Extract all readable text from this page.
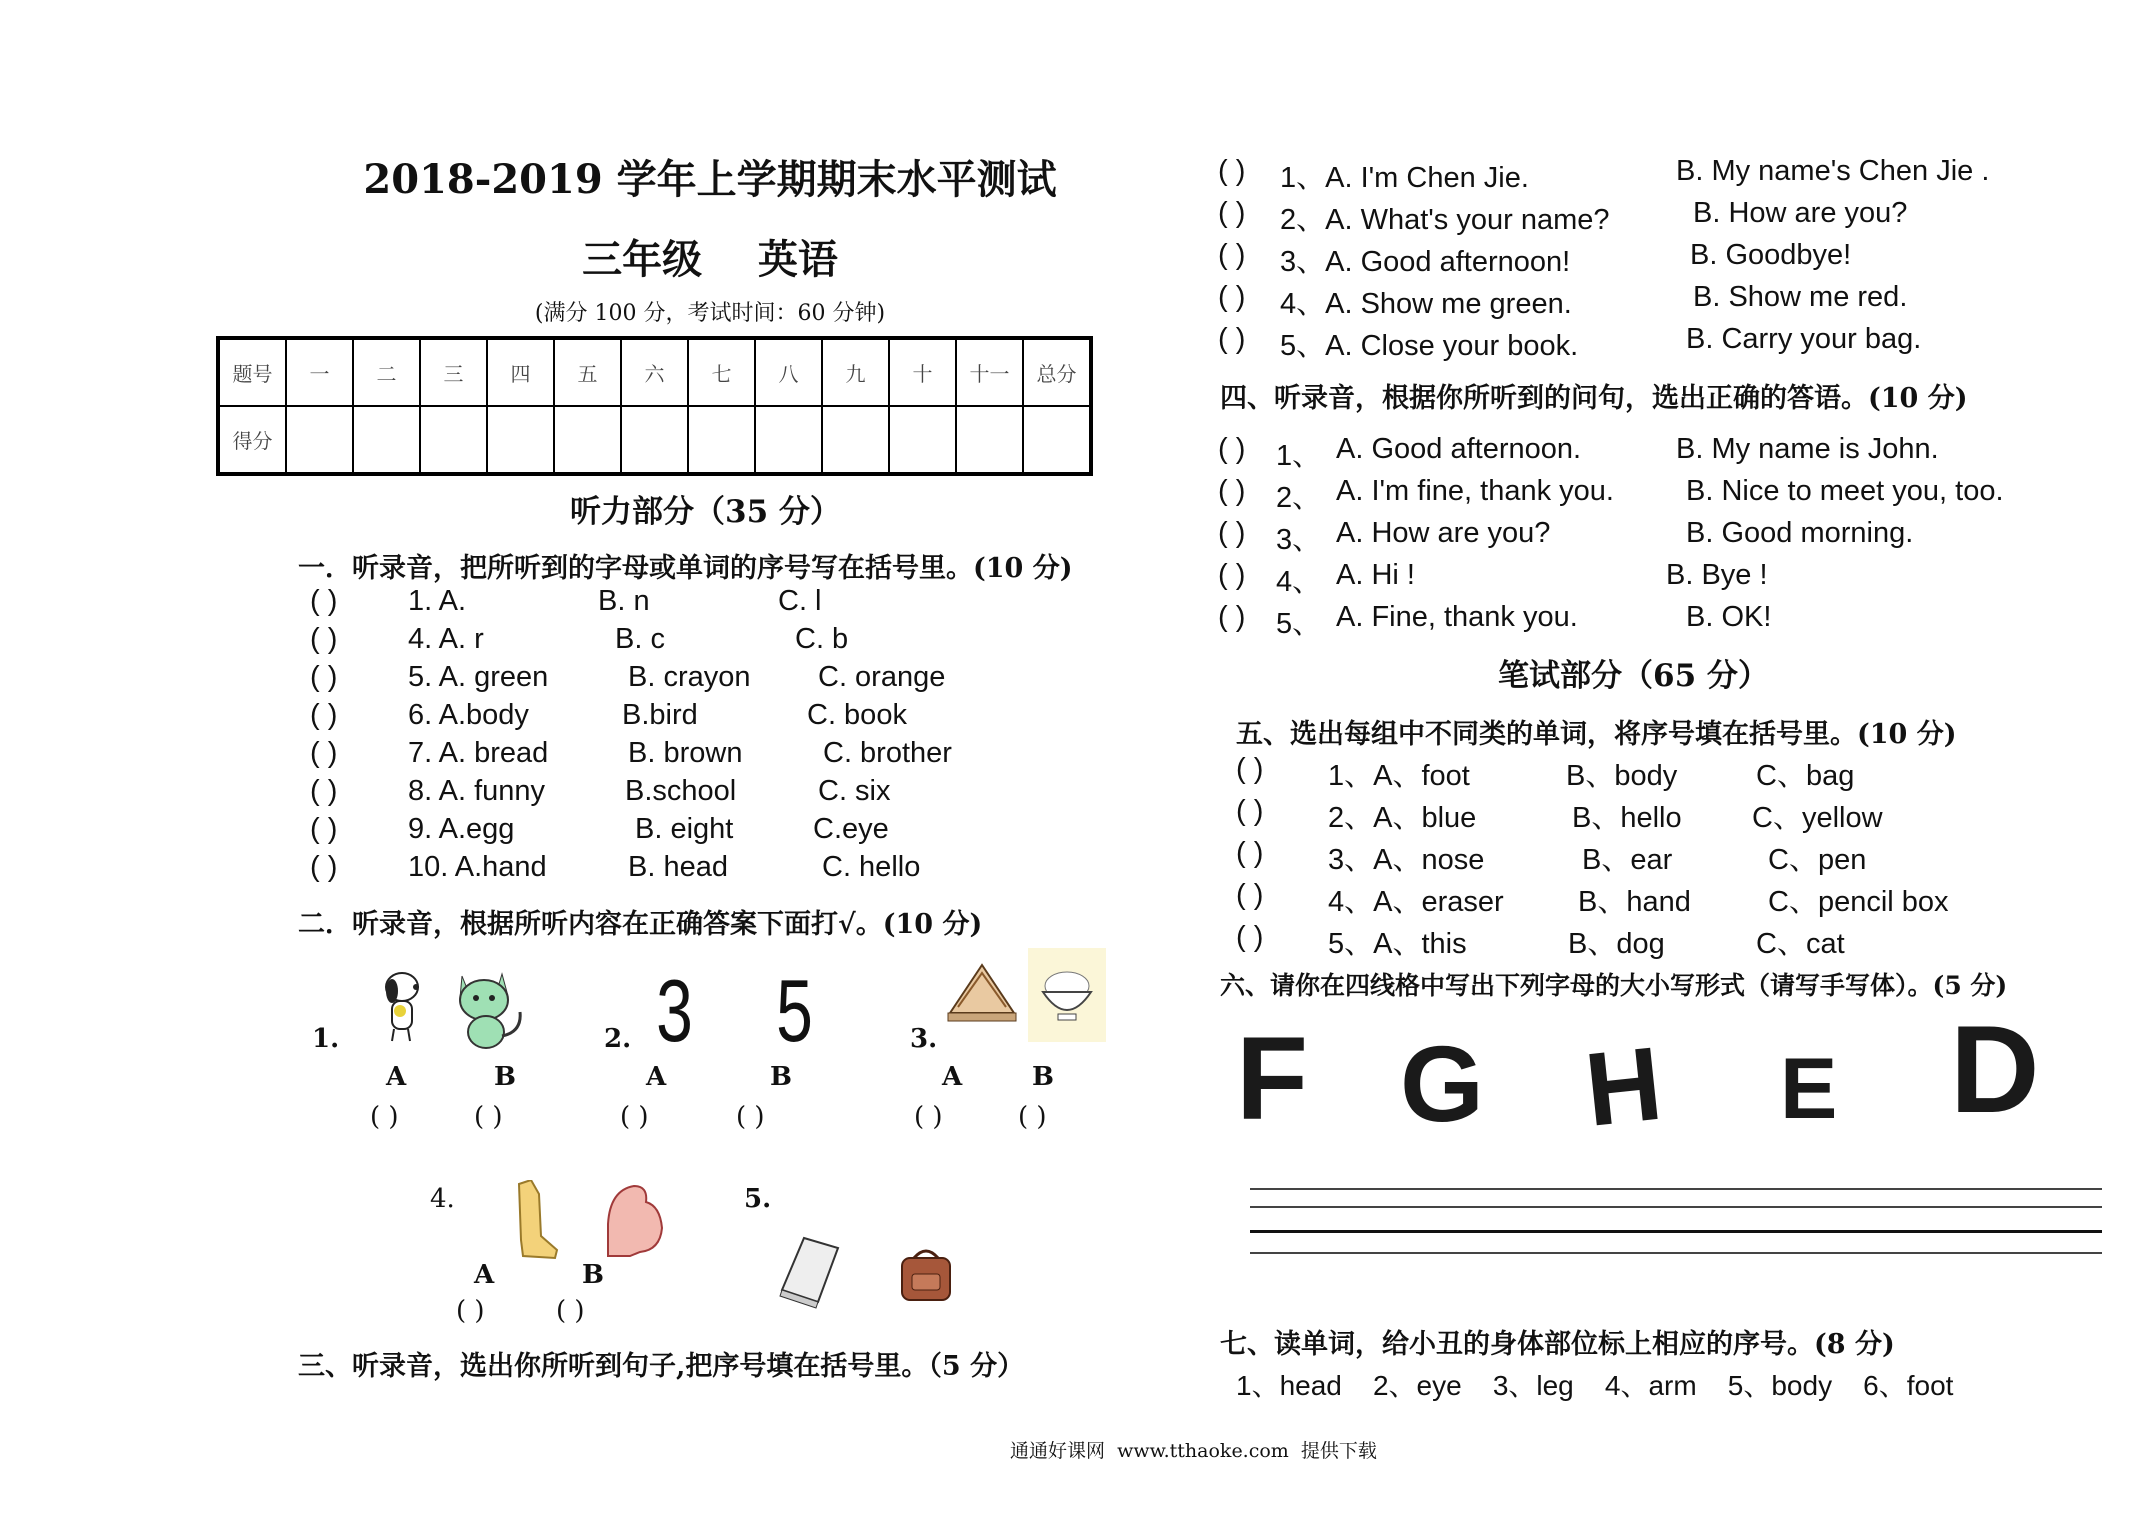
2018-2019 学年上学期期末水平测试
三年级    英语
(满分 100 分，考试时间：60 分钟)
题号	一	二	三	四	五	六	七	八	九	十	十一	总分
得分												
听力部分（35 分）
一．听录音，把所听到的字母或单词的序号写在括号里。(10 分)
( ) 1. A.	B. n	C. l
( ) 4. A. r	B. c	C. b
( ) 5. A. green	B. crayon C. orange
( ) 6. A.body	B.bird	C. book
( ) 7. A. bread	B. brown	C. brother
( ) 8. A. funny	B.school	C. six
( ) 9. A.egg	B. eight	C.eye
( ) 10. A.hand	B. head	C. hello
二．听录音，根据所听内容在正确答案下面打√。(10 分)
1.
A	B
( )	( )
2. 3 5
A	B
( )	( )
3.
A	B
( )	( )
4.
A	B
( )	( )
5.
三、听录音，选出你所听到句子,把序号填在括号里。（5 分）
( ) 1、A. I'm Chen Jie.	B. My name's Chen Jie .
( ) 2、A. What's your name?	B. How are you?
( ) 3、A. Good afternoon!	B. Goodbye!
( ) 4、A. Show me green.	B. Show me red.
( ) 5、A. Close your book.	B. Carry your bag.
四、听录音，根据你所听到的问句，选出正确的答语。(10 分)
( ) 1、 A. Good afternoon.	B. My name is John.
( ) 2、 A. I'm fine, thank you. B. Nice to meet you, too.
( ) 3、 A. How are you?	B. Good morning.
( ) 4、 A. Hi !	B. Bye !
( ) 5、 A. Fine, thank you.	B. OK!
笔试部分（65 分）
五、选出每组中不同类的单词，将序号填在括号里。(10 分)
( ) 1、A、foot	B、body	C、bag
( ) 2、A、blue	B、hello C、yellow
( ) 3、A、nose	B、ear	C、pen
( ) 4、A、eraser	B、hand	C、pencil box
( ) 5、A、this	B、dog	C、cat
六、请你在四线格中写出下列字母的大小写形式（请写手写体）。(5 分)
F G H E D
七、读单词，给小丑的身体部位标上相应的序号。(8 分)
1、head    2、eye    3、leg    4、arm    5、body    6、foot
通通好课网  www.tthaoke.com  提供下载
